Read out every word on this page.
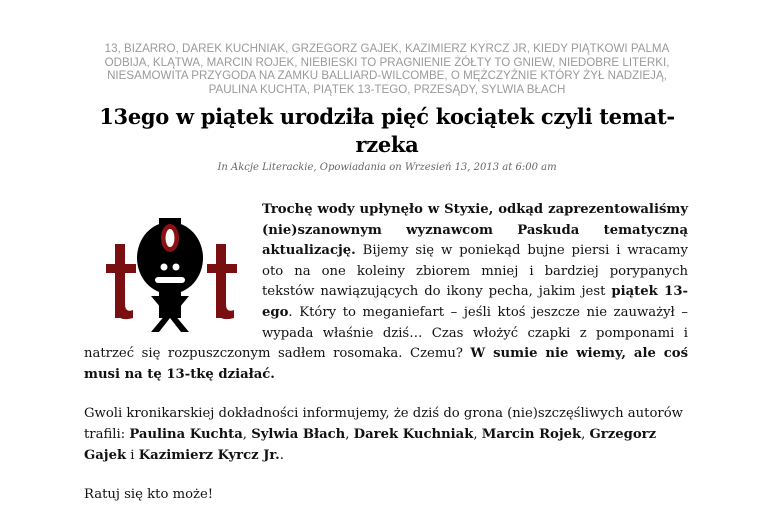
13, BIZARRO, DAREK KUCHNIAK, GRZEGORZ GAJEK, KAZIMIERZ KYRCZ JR, KIEDY PIĄTKOWI PALMA ODBIJA, KLĄTWA, MARCIN ROJEK, NIEBIESKI TO PRAGNIENIE ŻÓŁTY TO GNIEW, NIEDOBRE LITERKI, NIESAMOWITA PRZYGODA NA ZAMKU BALLIARD-WILCOMBE, O MĘŻCZYŹNIE KTÓRY ŻYŁ NADZIEJĄ, PAULINA KUCHTA, PIĄTEK 13-TEGO, PRZESĄDY, SYLWIA BŁACH
13ego w piątek urodziła pięć kociątek czyli temat-rzeka
In Akcje Literackie, Opowiadania on Wrzesień 13, 2013 at 6:00 am

Trochę wody upłynęło w Styxie, odkąd zaprezentowaliśmy (nie)szanownym wyznawcom Paskuda tematyczną aktualizację. Bijemy się w poniekąd bujne piersi i wracamy oto na one koleiny zbiorem mniej i bardziej porypanych tekstów nawiązujących do ikony pecha, jakim jest piątek 13-ego. Który to meganiefart – jeśli ktoś jeszcze nie zauważył – wypada właśnie dziś… Czas włożyć czapki z pomponami i natrzeć się rozpuszczonym sadłem rosomaka. Czemu? W sumie nie wiemy, ale coś musi na tę 13-tkę działać.

Gwoli kronikarskiej dokładności informujemy, że dziś do grona (nie)szczęśliwych autorów trafili: Paulina Kuchta, Sylwia Błach, Darek Kuchniak, Marcin Rojek, Grzegorz Gajek i Kazimierz Kyrcz Jr..

Ratuj się kto może!
